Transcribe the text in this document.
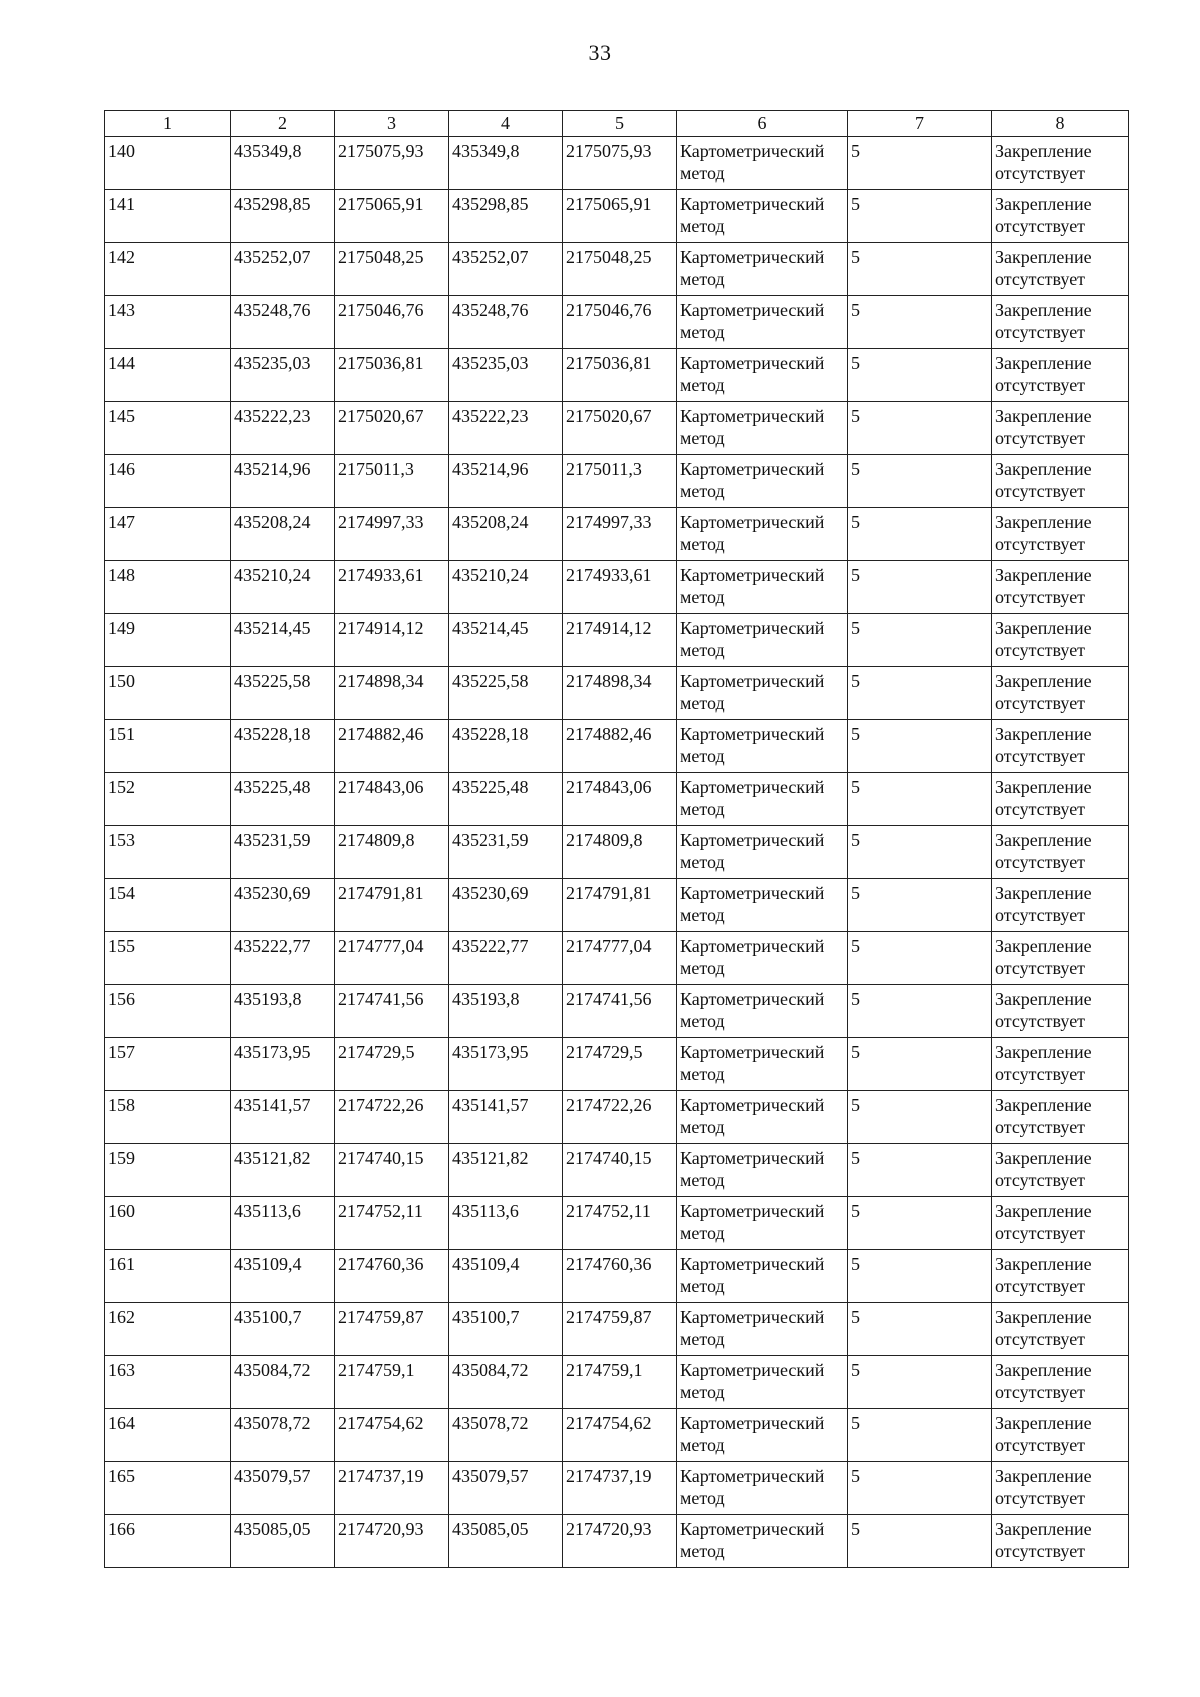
33
1	2	3	4	5	6	7	8
140	435349,8	2175075,93	435349,8	2175075,93	Картометрический метод	5	Закрепление отсутствует
141	435298,85	2175065,91	435298,85	2175065,91	Картометрический метод	5	Закрепление отсутствует
142	435252,07	2175048,25	435252,07	2175048,25	Картометрический метод	5	Закрепление отсутствует
143	435248,76	2175046,76	435248,76	2175046,76	Картометрический метод	5	Закрепление отсутствует
144	435235,03	2175036,81	435235,03	2175036,81	Картометрический метод	5	Закрепление отсутствует
145	435222,23	2175020,67	435222,23	2175020,67	Картометрический метод	5	Закрепление отсутствует
146	435214,96	2175011,3	435214,96	2175011,3	Картометрический метод	5	Закрепление отсутствует
147	435208,24	2174997,33	435208,24	2174997,33	Картометрический метод	5	Закрепление отсутствует
148	435210,24	2174933,61	435210,24	2174933,61	Картометрический метод	5	Закрепление отсутствует
149	435214,45	2174914,12	435214,45	2174914,12	Картометрический метод	5	Закрепление отсутствует
150	435225,58	2174898,34	435225,58	2174898,34	Картометрический метод	5	Закрепление отсутствует
151	435228,18	2174882,46	435228,18	2174882,46	Картометрический метод	5	Закрепление отсутствует
152	435225,48	2174843,06	435225,48	2174843,06	Картометрический метод	5	Закрепление отсутствует
153	435231,59	2174809,8	435231,59	2174809,8	Картометрический метод	5	Закрепление отсутствует
154	435230,69	2174791,81	435230,69	2174791,81	Картометрический метод	5	Закрепление отсутствует
155	435222,77	2174777,04	435222,77	2174777,04	Картометрический метод	5	Закрепление отсутствует
156	435193,8	2174741,56	435193,8	2174741,56	Картометрический метод	5	Закрепление отсутствует
157	435173,95	2174729,5	435173,95	2174729,5	Картометрический метод	5	Закрепление отсутствует
158	435141,57	2174722,26	435141,57	2174722,26	Картометрический метод	5	Закрепление отсутствует
159	435121,82	2174740,15	435121,82	2174740,15	Картометрический метод	5	Закрепление отсутствует
160	435113,6	2174752,11	435113,6	2174752,11	Картометрический метод	5	Закрепление отсутствует
161	435109,4	2174760,36	435109,4	2174760,36	Картометрический метод	5	Закрепление отсутствует
162	435100,7	2174759,87	435100,7	2174759,87	Картометрический метод	5	Закрепление отсутствует
163	435084,72	2174759,1	435084,72	2174759,1	Картометрический метод	5	Закрепление отсутствует
164	435078,72	2174754,62	435078,72	2174754,62	Картометрический метод	5	Закрепление отсутствует
165	435079,57	2174737,19	435079,57	2174737,19	Картометрический метод	5	Закрепление отсутствует
166	435085,05	2174720,93	435085,05	2174720,93	Картометрический метод	5	Закрепление отсутствует
